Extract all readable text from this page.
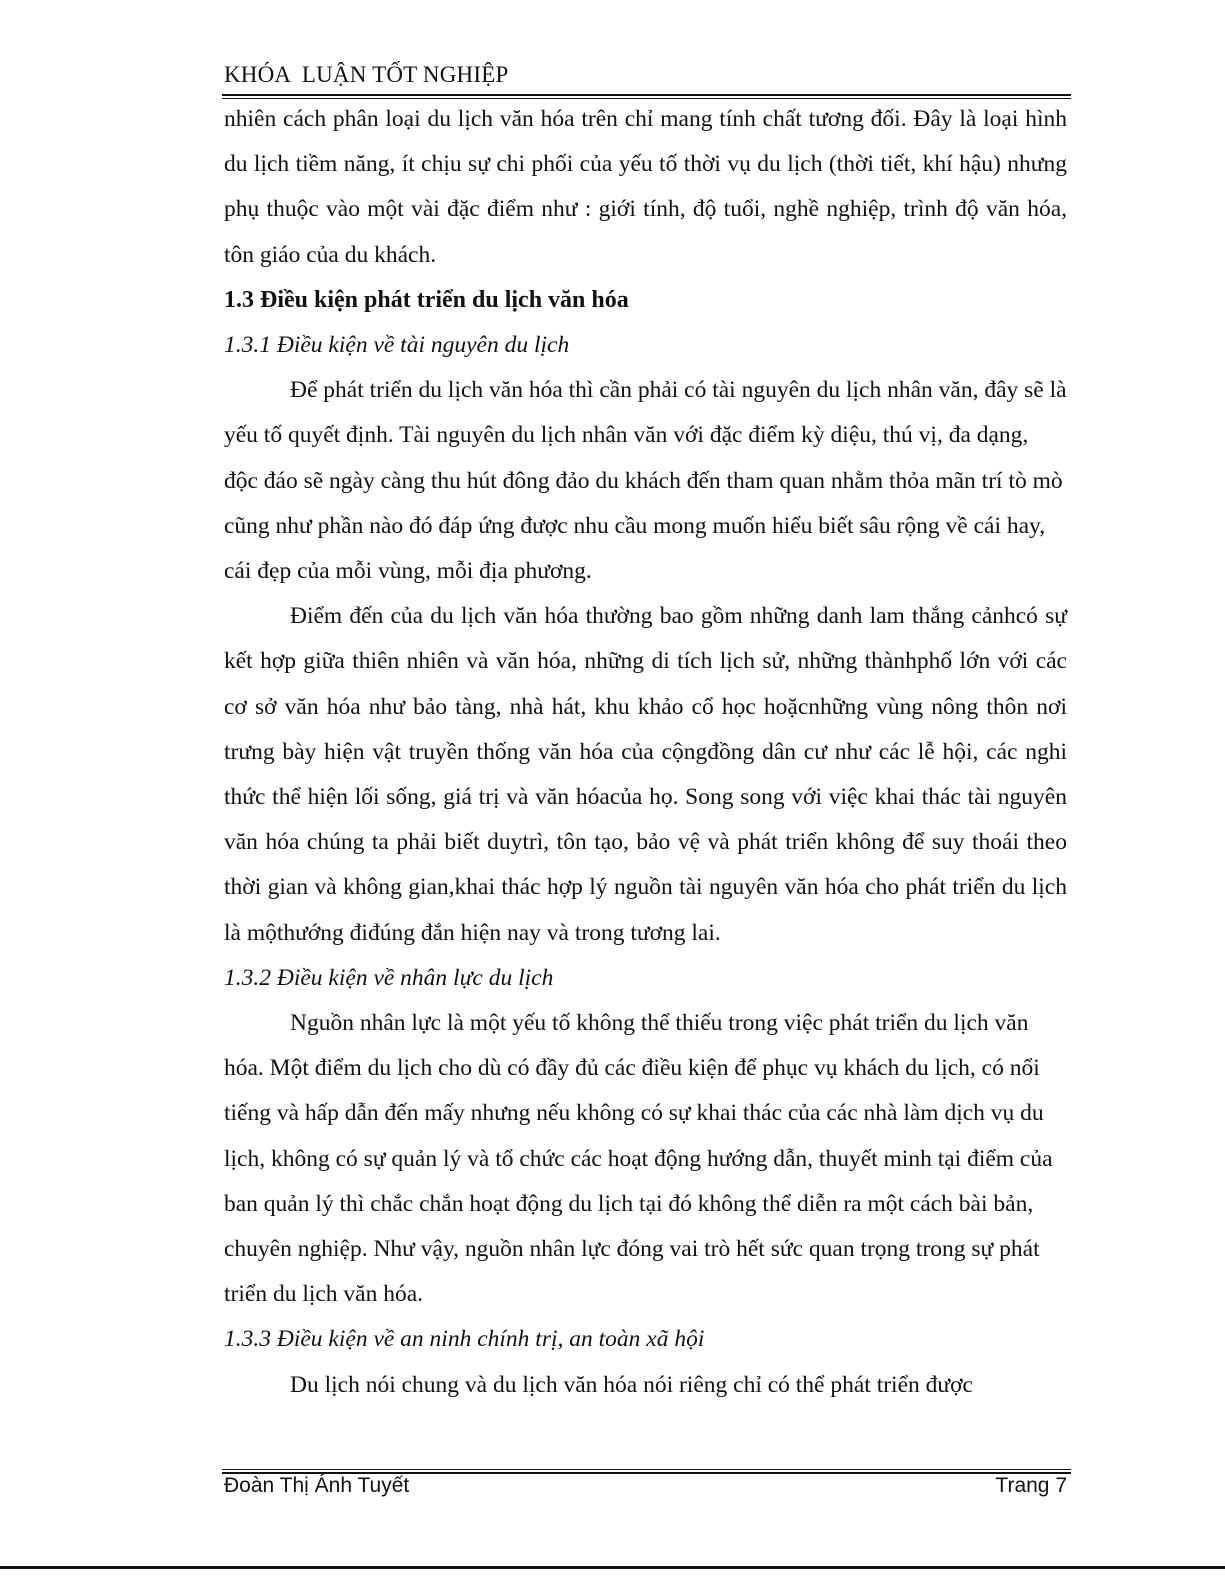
KHÓA  LUẬN TỐT NGHIỆP

nhiên cách phân loại du lịch văn hóa trên chỉ mang tính chất tương đối. Đây là loại hình du lịch tiềm năng, ít chịu sự chi phối của yếu tố thời vụ du lịch (thời tiết, khí hậu) nhưng phụ thuộc vào một vài đặc điểm như : giới tính, độ tuổi, nghề nghiệp, trình độ văn hóa, tôn giáo của du khách.

1.3 Điều kiện phát triển du lịch văn hóa

1.3.1 Điều kiện về tài nguyên du lịch

Để phát triển du lịch văn hóa thì cần phải có tài nguyên du lịch nhân văn, đây sẽ là yếu tố quyết định. Tài nguyên du lịch nhân văn với đặc điểm kỳ diệu, thú vị, đa dạng, độc đáo sẽ ngày càng thu hút đông đảo du khách đến tham quan nhằm thỏa mãn trí tò mò cũng như phần nào đó đáp ứng được nhu cầu mong muốn hiểu biết sâu rộng về cái hay, cái đẹp của mỗi vùng, mỗi địa phương.

Điểm đến của du lịch văn hóa thường bao gồm những danh lam thắng cảnhcó sự kết hợp giữa thiên nhiên và văn hóa, những di tích lịch sử, những thànhphố lớn với các cơ sở văn hóa như bảo tàng, nhà hát, khu khảo cổ học hoặcnhững vùng nông thôn nơi trưng bày hiện vật truyền thống văn hóa của cộngđồng dân cư như các lễ hội, các nghi thức thể hiện lối sống, giá trị và văn hóacủa họ. Song song với việc khai thác tài nguyên văn hóa chúng ta phải biết duytrì, tôn tạo, bảo vệ và phát triển không để suy thoái theo thời gian và không gian,khai thác hợp lý nguồn tài nguyên văn hóa cho phát triển du lịch là mộthướng điđúng đắn hiện nay và trong tương lai.

1.3.2 Điều kiện về nhân lực du lịch

Nguồn nhân lực là một yếu tố không thể thiếu trong việc phát triển du lịch văn hóa. Một điểm du lịch cho dù có đầy đủ các điều kiện để phục vụ khách du lịch, có nổi tiếng và hấp dẫn đến mấy nhưng nếu không có sự khai thác của các nhà làm dịch vụ du lịch, không có sự quản lý và tổ chức các hoạt động hướng dẫn, thuyết minh tại điểm của ban quản lý thì chắc chắn hoạt động du lịch tại đó không thể diễn ra một cách bài bản, chuyên nghiệp. Như vậy, nguồn nhân lực đóng vai trò hết sức quan trọng trong sự phát triển du lịch văn hóa.

1.3.3 Điều kiện về an ninh chính trị, an toàn xã hội

Du lịch nói chung và du lịch văn hóa nói riêng chỉ có thể phát triển được

Đoàn Thị Ánh Tuyết	Trang 7
